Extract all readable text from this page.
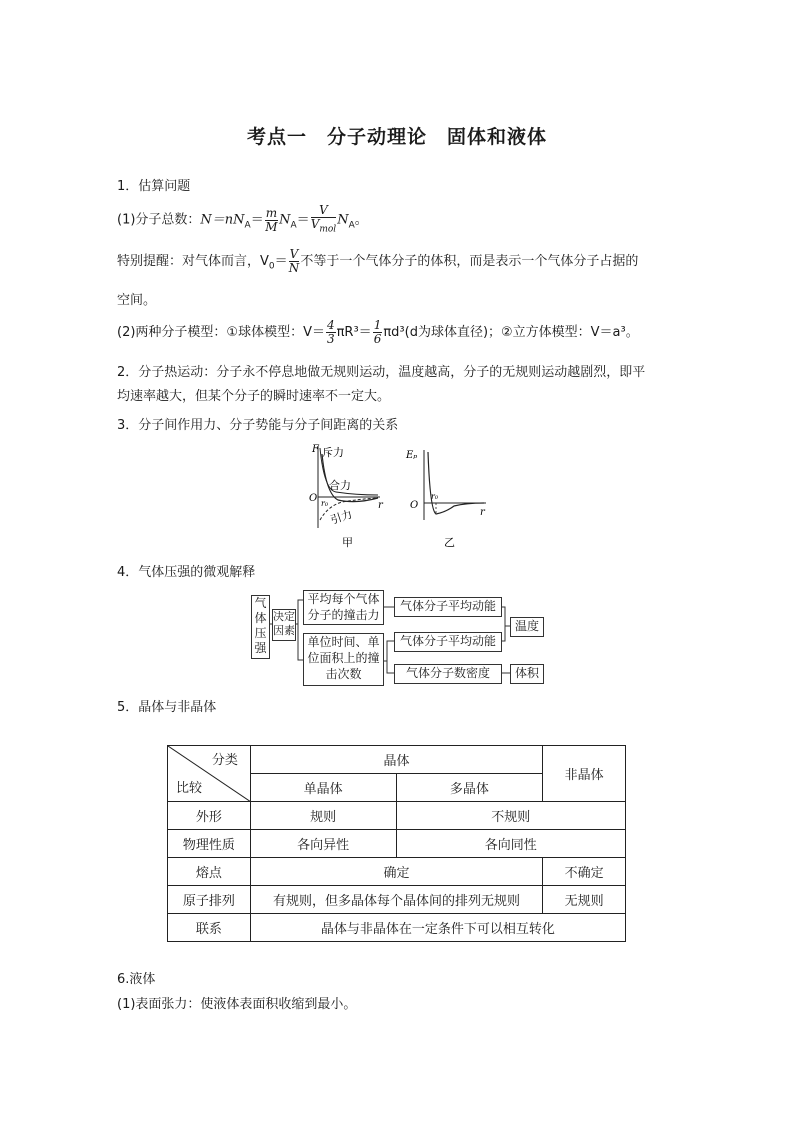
考点一　分子动理论　固体和液体
1．估算问题
(1)分子总数：$N=nN_A= \frac{m}{M} N_A= \frac{V}{V_{mol}} N_A$。
特别提醒：对气体而言，$V_0= \frac{V}{N}$ 不等于一个气体分子的体积，而是表示一个气体分子占据的
空间。
(2)两种分子模型：①球体模型：$V= \frac{4}{3} \pi R^3= \frac{1}{6} \pi d^3(d$为球体直径)；②立方体模型：V＝a³。
2．分子热运动：分子永不停息地做无规则运动，温度越高，分子的无规则运动越剧烈，即平
均速率越大，但某个分子的瞬时速率不一定大。
3．分子间作用力、分子势能与分子间距离的关系
F 斥力
合力
引力
O r₀	r
甲
Eₚ
O
r₀
r
乙
4．气体压强的微观解释
气体压强
决定因素
平均每个气体分子的撞击力
单位时间、单位面积上的撞击次数
气体分子平均动能
气体分子平均动能
气体分子数密度
温度
体积
5．晶体与非晶体
分类
比较	晶体		非晶体
	单晶体	多晶体	
外形	规则	不规则	
物理性质	各向异性	各向同性	
熔点	确定		不确定
原子排列	有规则，但多晶体每个晶体间的排列无规则		无规则
联系	晶体与非晶体在一定条件下可以相互转化		
6.液体
(1)表面张力：使液体表面积收缩到最小。
